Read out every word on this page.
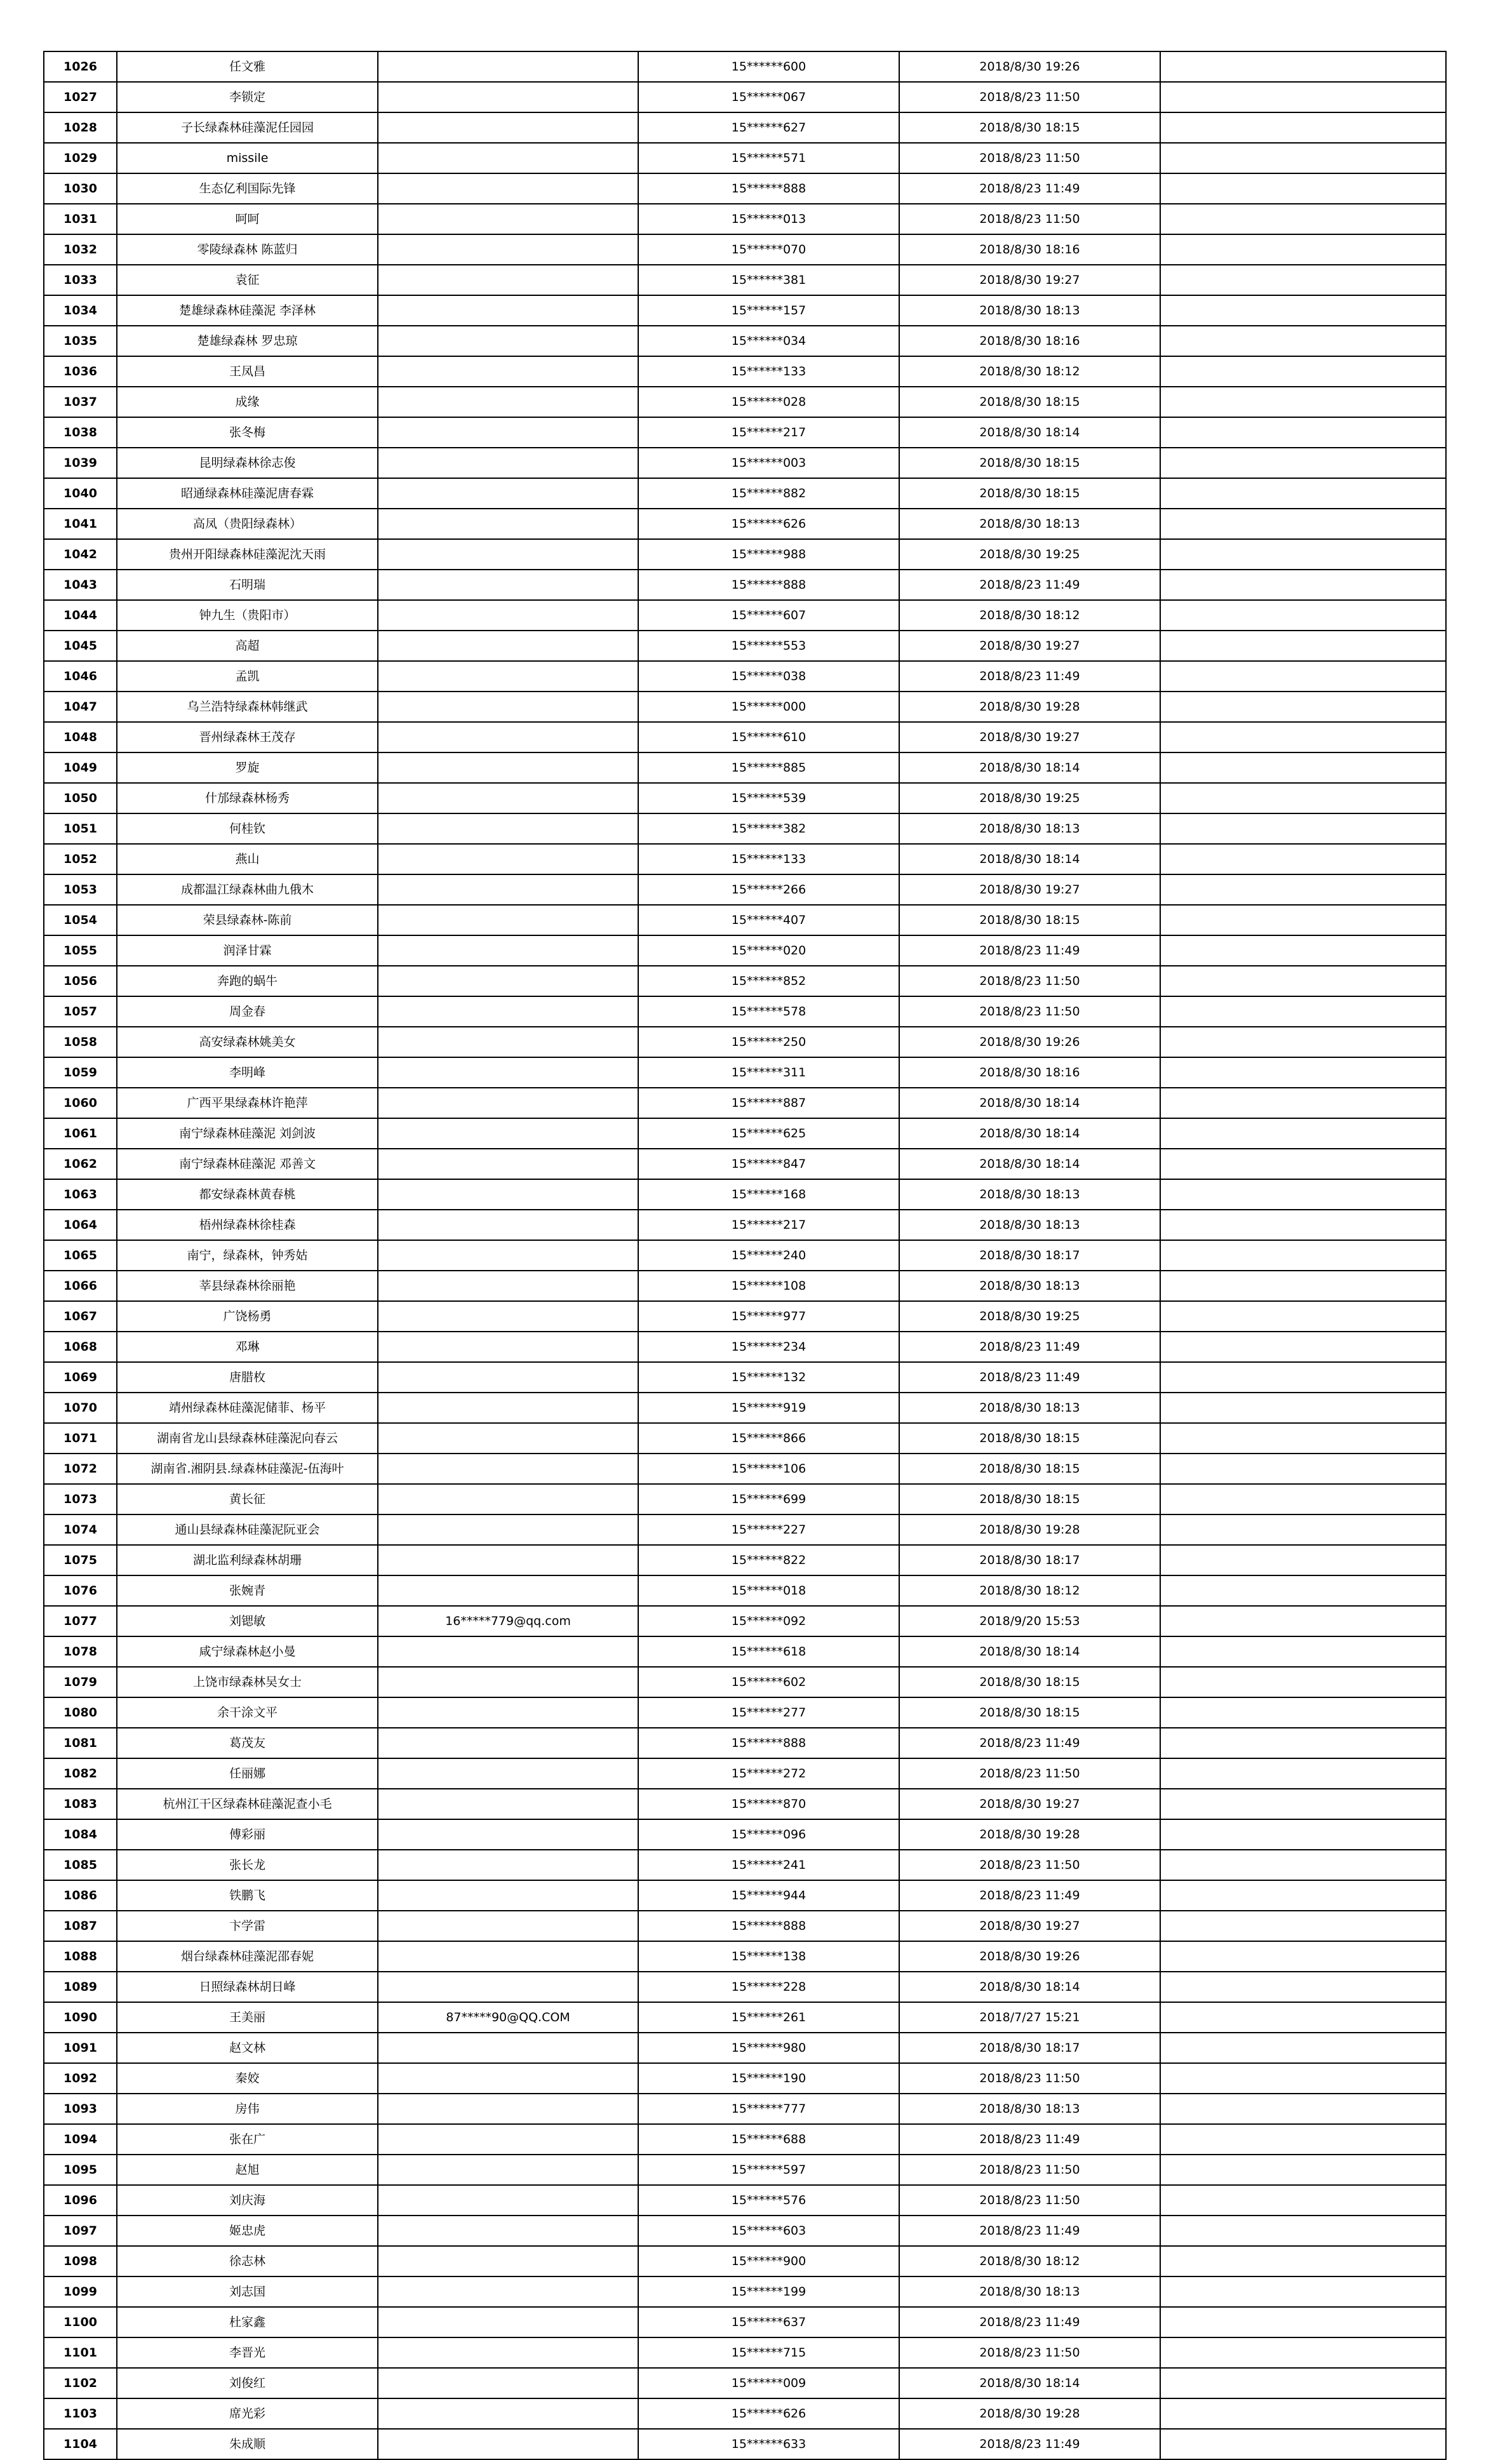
1026	任文雅		15******600	2018/8/30 19:26	
1027	李锁定		15******067	2018/8/23 11:50	
1028	子长绿森林硅藻泥任园园		15******627	2018/8/30 18:15	
1029	missile		15******571	2018/8/23 11:50	
1030	生态亿利国际先锋		15******888	2018/8/23 11:49	
1031	呵呵		15******013	2018/8/23 11:50	
1032	零陵绿森林 陈蓝归		15******070	2018/8/30 18:16	
1033	袁征		15******381	2018/8/30 19:27	
1034	楚雄绿森林硅藻泥 李泽林		15******157	2018/8/30 18:13	
1035	楚雄绿森林 罗忠琼		15******034	2018/8/30 18:16	
1036	王凤昌		15******133	2018/8/30 18:12	
1037	成缘		15******028	2018/8/30 18:15	
1038	张冬梅		15******217	2018/8/30 18:14	
1039	昆明绿森林徐志俊		15******003	2018/8/30 18:15	
1040	昭通绿森林硅藻泥唐春霖		15******882	2018/8/30 18:15	
1041	高凤（贵阳绿森林）		15******626	2018/8/30 18:13	
1042	贵州开阳绿森林硅藻泥沈天雨		15******988	2018/8/30 19:25	
1043	石明瑞		15******888	2018/8/23 11:49	
1044	钟九生（贵阳市）		15******607	2018/8/30 18:12	
1045	高超		15******553	2018/8/30 19:27	
1046	孟凯		15******038	2018/8/23 11:49	
1047	乌兰浩特绿森林韩继武		15******000	2018/8/30 19:28	
1048	晋州绿森林王茂存		15******610	2018/8/30 19:27	
1049	罗旋		15******885	2018/8/30 18:14	
1050	什邡绿森林杨秀		15******539	2018/8/30 19:25	
1051	何桂钦		15******382	2018/8/30 18:13	
1052	燕山		15******133	2018/8/30 18:14	
1053	成都温江绿森林曲九俄木		15******266	2018/8/30 19:27	
1054	荣县绿森林-陈前		15******407	2018/8/30 18:15	
1055	润泽甘霖		15******020	2018/8/23 11:49	
1056	奔跑的蜗牛		15******852	2018/8/23 11:50	
1057	周金春		15******578	2018/8/23 11:50	
1058	高安绿森林姚美女		15******250	2018/8/30 19:26	
1059	李明峰		15******311	2018/8/30 18:16	
1060	广西平果绿森林许艳萍		15******887	2018/8/30 18:14	
1061	南宁绿森林硅藻泥 刘剑波		15******625	2018/8/30 18:14	
1062	南宁绿森林硅藻泥 邓善文		15******847	2018/8/30 18:14	
1063	都安绿森林黄春桃		15******168	2018/8/30 18:13	
1064	梧州绿森林徐桂森		15******217	2018/8/30 18:13	
1065	南宁，绿森林，钟秀姑		15******240	2018/8/30 18:17	
1066	莘县绿森林徐丽艳		15******108	2018/8/30 18:13	
1067	广饶杨勇		15******977	2018/8/30 19:25	
1068	邓琳		15******234	2018/8/23 11:49	
1069	唐腊枚		15******132	2018/8/23 11:49	
1070	靖州绿森林硅藻泥储菲、杨平		15******919	2018/8/30 18:13	
1071	湖南省龙山县绿森林硅藻泥向春云		15******866	2018/8/30 18:15	
1072	湖南省.湘阴县.绿森林硅藻泥-伍海叶		15******106	2018/8/30 18:15	
1073	黄长征		15******699	2018/8/30 18:15	
1074	通山县绿森林硅藻泥阮亚会		15******227	2018/8/30 19:28	
1075	湖北监利绿森林胡珊		15******822	2018/8/30 18:17	
1076	张婉青		15******018	2018/8/30 18:12	
1077	刘锶敏	16*****779@qq.com	15******092	2018/9/20 15:53	
1078	咸宁绿森林赵小曼		15******618	2018/8/30 18:14	
1079	上饶市绿森林吴女士		15******602	2018/8/30 18:15	
1080	余干涂文平		15******277	2018/8/30 18:15	
1081	葛茂友		15******888	2018/8/23 11:49	
1082	任丽娜		15******272	2018/8/23 11:50	
1083	杭州江干区绿森林硅藻泥查小毛		15******870	2018/8/30 19:27	
1084	傅彩丽		15******096	2018/8/30 19:28	
1085	张长龙		15******241	2018/8/23 11:50	
1086	铁鹏飞		15******944	2018/8/23 11:49	
1087	卞学雷		15******888	2018/8/30 19:27	
1088	烟台绿森林硅藻泥邵春妮		15******138	2018/8/30 19:26	
1089	日照绿森林胡日峰		15******228	2018/8/30 18:14	
1090	王美丽	87*****90@QQ.COM	15******261	2018/7/27 15:21	
1091	赵文林		15******980	2018/8/30 18:17	
1092	秦姣		15******190	2018/8/23 11:50	
1093	房伟		15******777	2018/8/30 18:13	
1094	张在广		15******688	2018/8/23 11:49	
1095	赵旭		15******597	2018/8/23 11:50	
1096	刘庆海		15******576	2018/8/23 11:50	
1097	姬忠虎		15******603	2018/8/23 11:49	
1098	徐志林		15******900	2018/8/30 18:12	
1099	刘志国		15******199	2018/8/30 18:13	
1100	杜家鑫		15******637	2018/8/23 11:49	
1101	李晋光		15******715	2018/8/23 11:50	
1102	刘俊红		15******009	2018/8/30 18:14	
1103	席光彩		15******626	2018/8/30 19:28	
1104	朱成顺		15******633	2018/8/23 11:49	
